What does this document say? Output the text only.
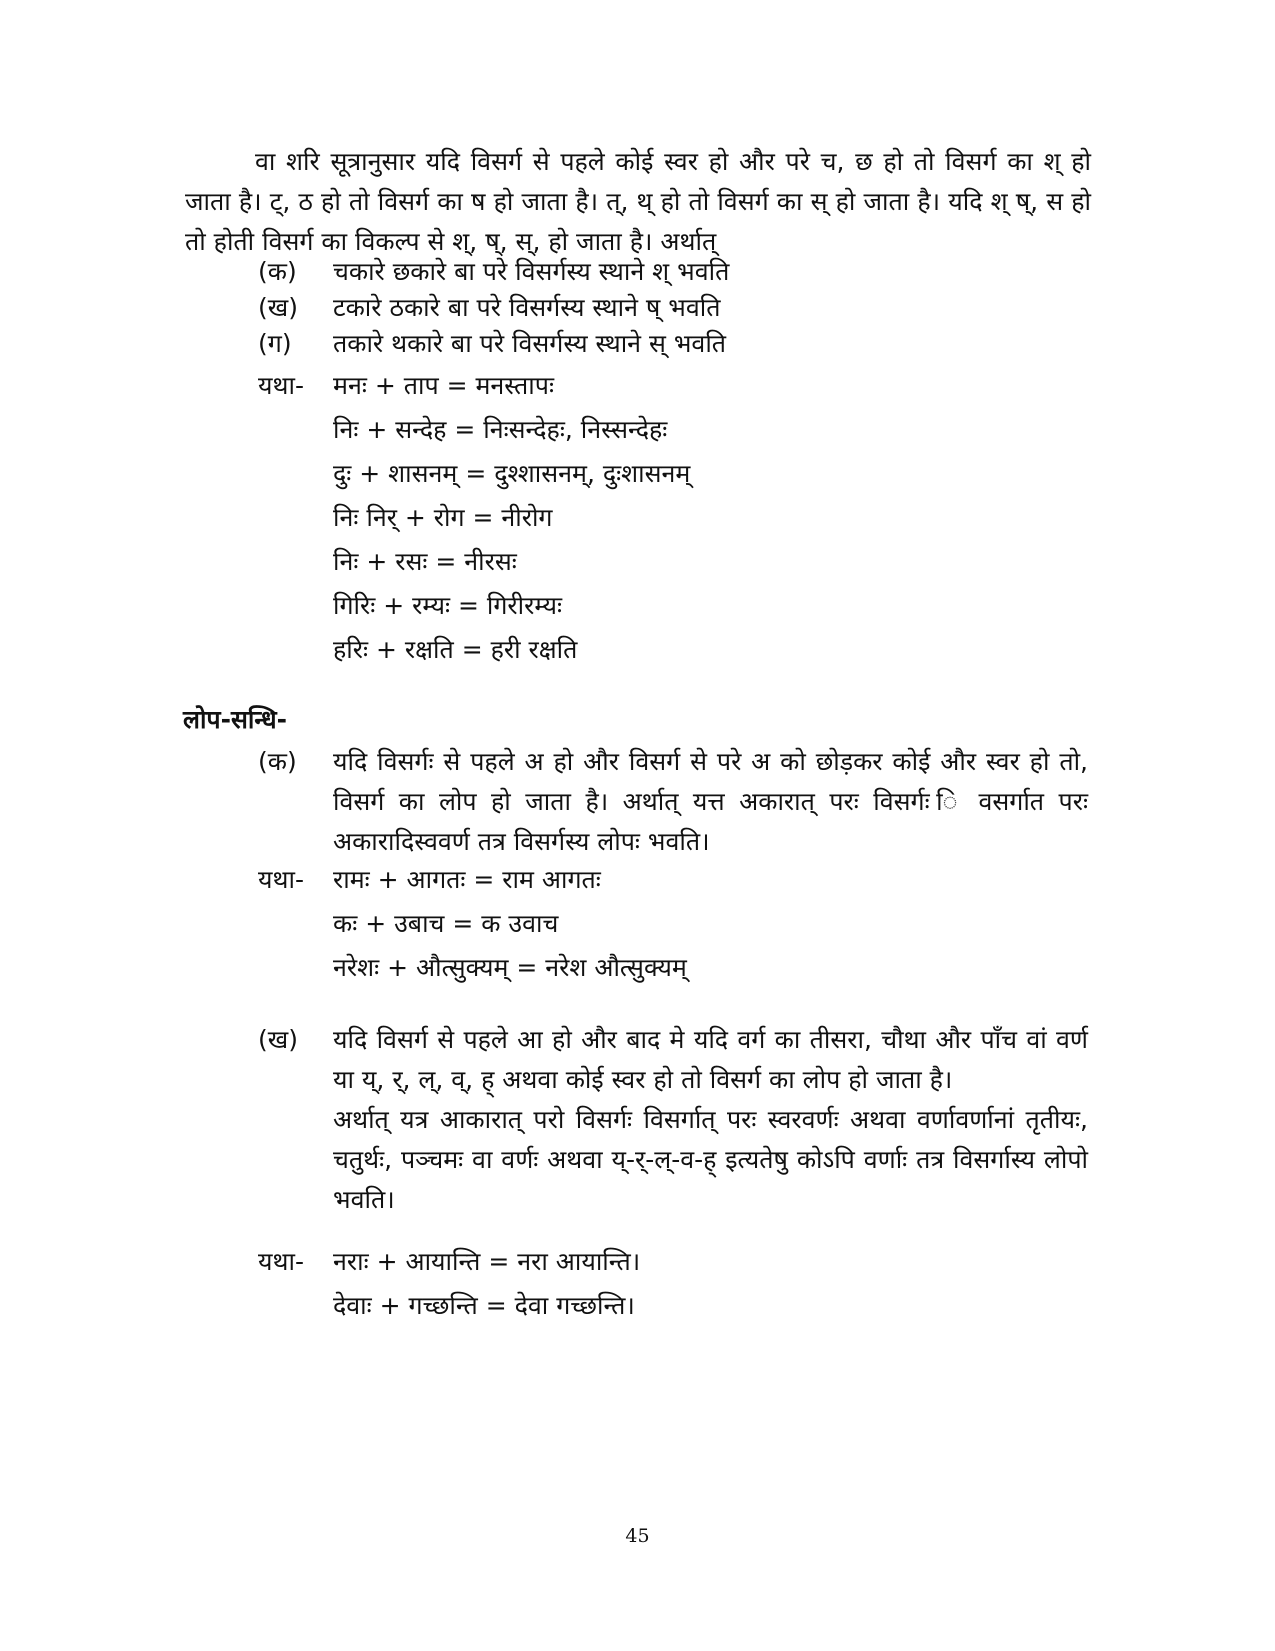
वा शरि सूत्रानुसार यदि विसर्ग से पहले कोई स्वर हो और परे च, छ हो तो विसर्ग का श् हो जाता है। ट्, ठ हो तो विसर्ग का ष हो जाता है। त्, थ् हो तो विसर्ग का स् हो जाता है। यदि श् ष्, स हो तो होती विसर्ग का विकल्प से श्, ष्, स्, हो जाता है। अर्थात्

(क) चकारे छकारे बा परे विसर्गस्य स्थाने श् भवति
(ख) टकारे ठकारे बा परे विसर्गस्य स्थाने ष् भवति
(ग) तकारे थकारे बा परे विसर्गस्य स्थाने स् भवति
यथा- मनः + ताप = मनस्तापः
निः + सन्देह = निःसन्देहः, निस्सन्देहः
दुः + शासनम् = दुश्शासनम्, दुःशासनम्
निः निर् + रोग = नीरोग
निः + रसः = नीरसः
गिरिः + रम्यः = गिरीरम्यः
हरिः + रक्षति = हरी रक्षति
लोप-सन्धि-
(क) यदि विसर्गः से पहले अ हो और विसर्ग से परे अ को छोड़कर कोई और स्वर हो तो, विसर्ग का लोप हो जाता है। अर्थात् यत्त अकारात् परः विसर्गः ि वसर्गात परः अकारादिस्ववर्ण तत्र विसर्गस्य लोपः भवति।

यथा- रामः + आगतः = राम आगतः
कः + उबाच = क उवाच
नरेशः + औत्सुक्यम् = नरेश औत्सुक्यम्
(ख) यदि विसर्ग से पहले आ हो और बाद मे यदि वर्ग का तीसरा, चौथा और पाँच वां वर्ण या य्, र्, ल्, व्, ह् अथवा कोई स्वर हो तो विसर्ग का लोप हो जाता है।

अर्थात् यत्र आकारात् परो विसर्गः विसर्गात् परः स्वरवर्णः अथवा वर्णावर्णानां तृतीयः, चतुर्थः, पञ्चमः वा वर्णः अथवा य्-र्-ल्-व-ह् इत्यतेषु कोऽपि वर्णाः तत्र विसर्गास्य लोपो भवति।

यथा- नराः + आयान्ति = नरा आयान्ति।
देवाः + गच्छन्ति = देवा गच्छन्ति।
45
